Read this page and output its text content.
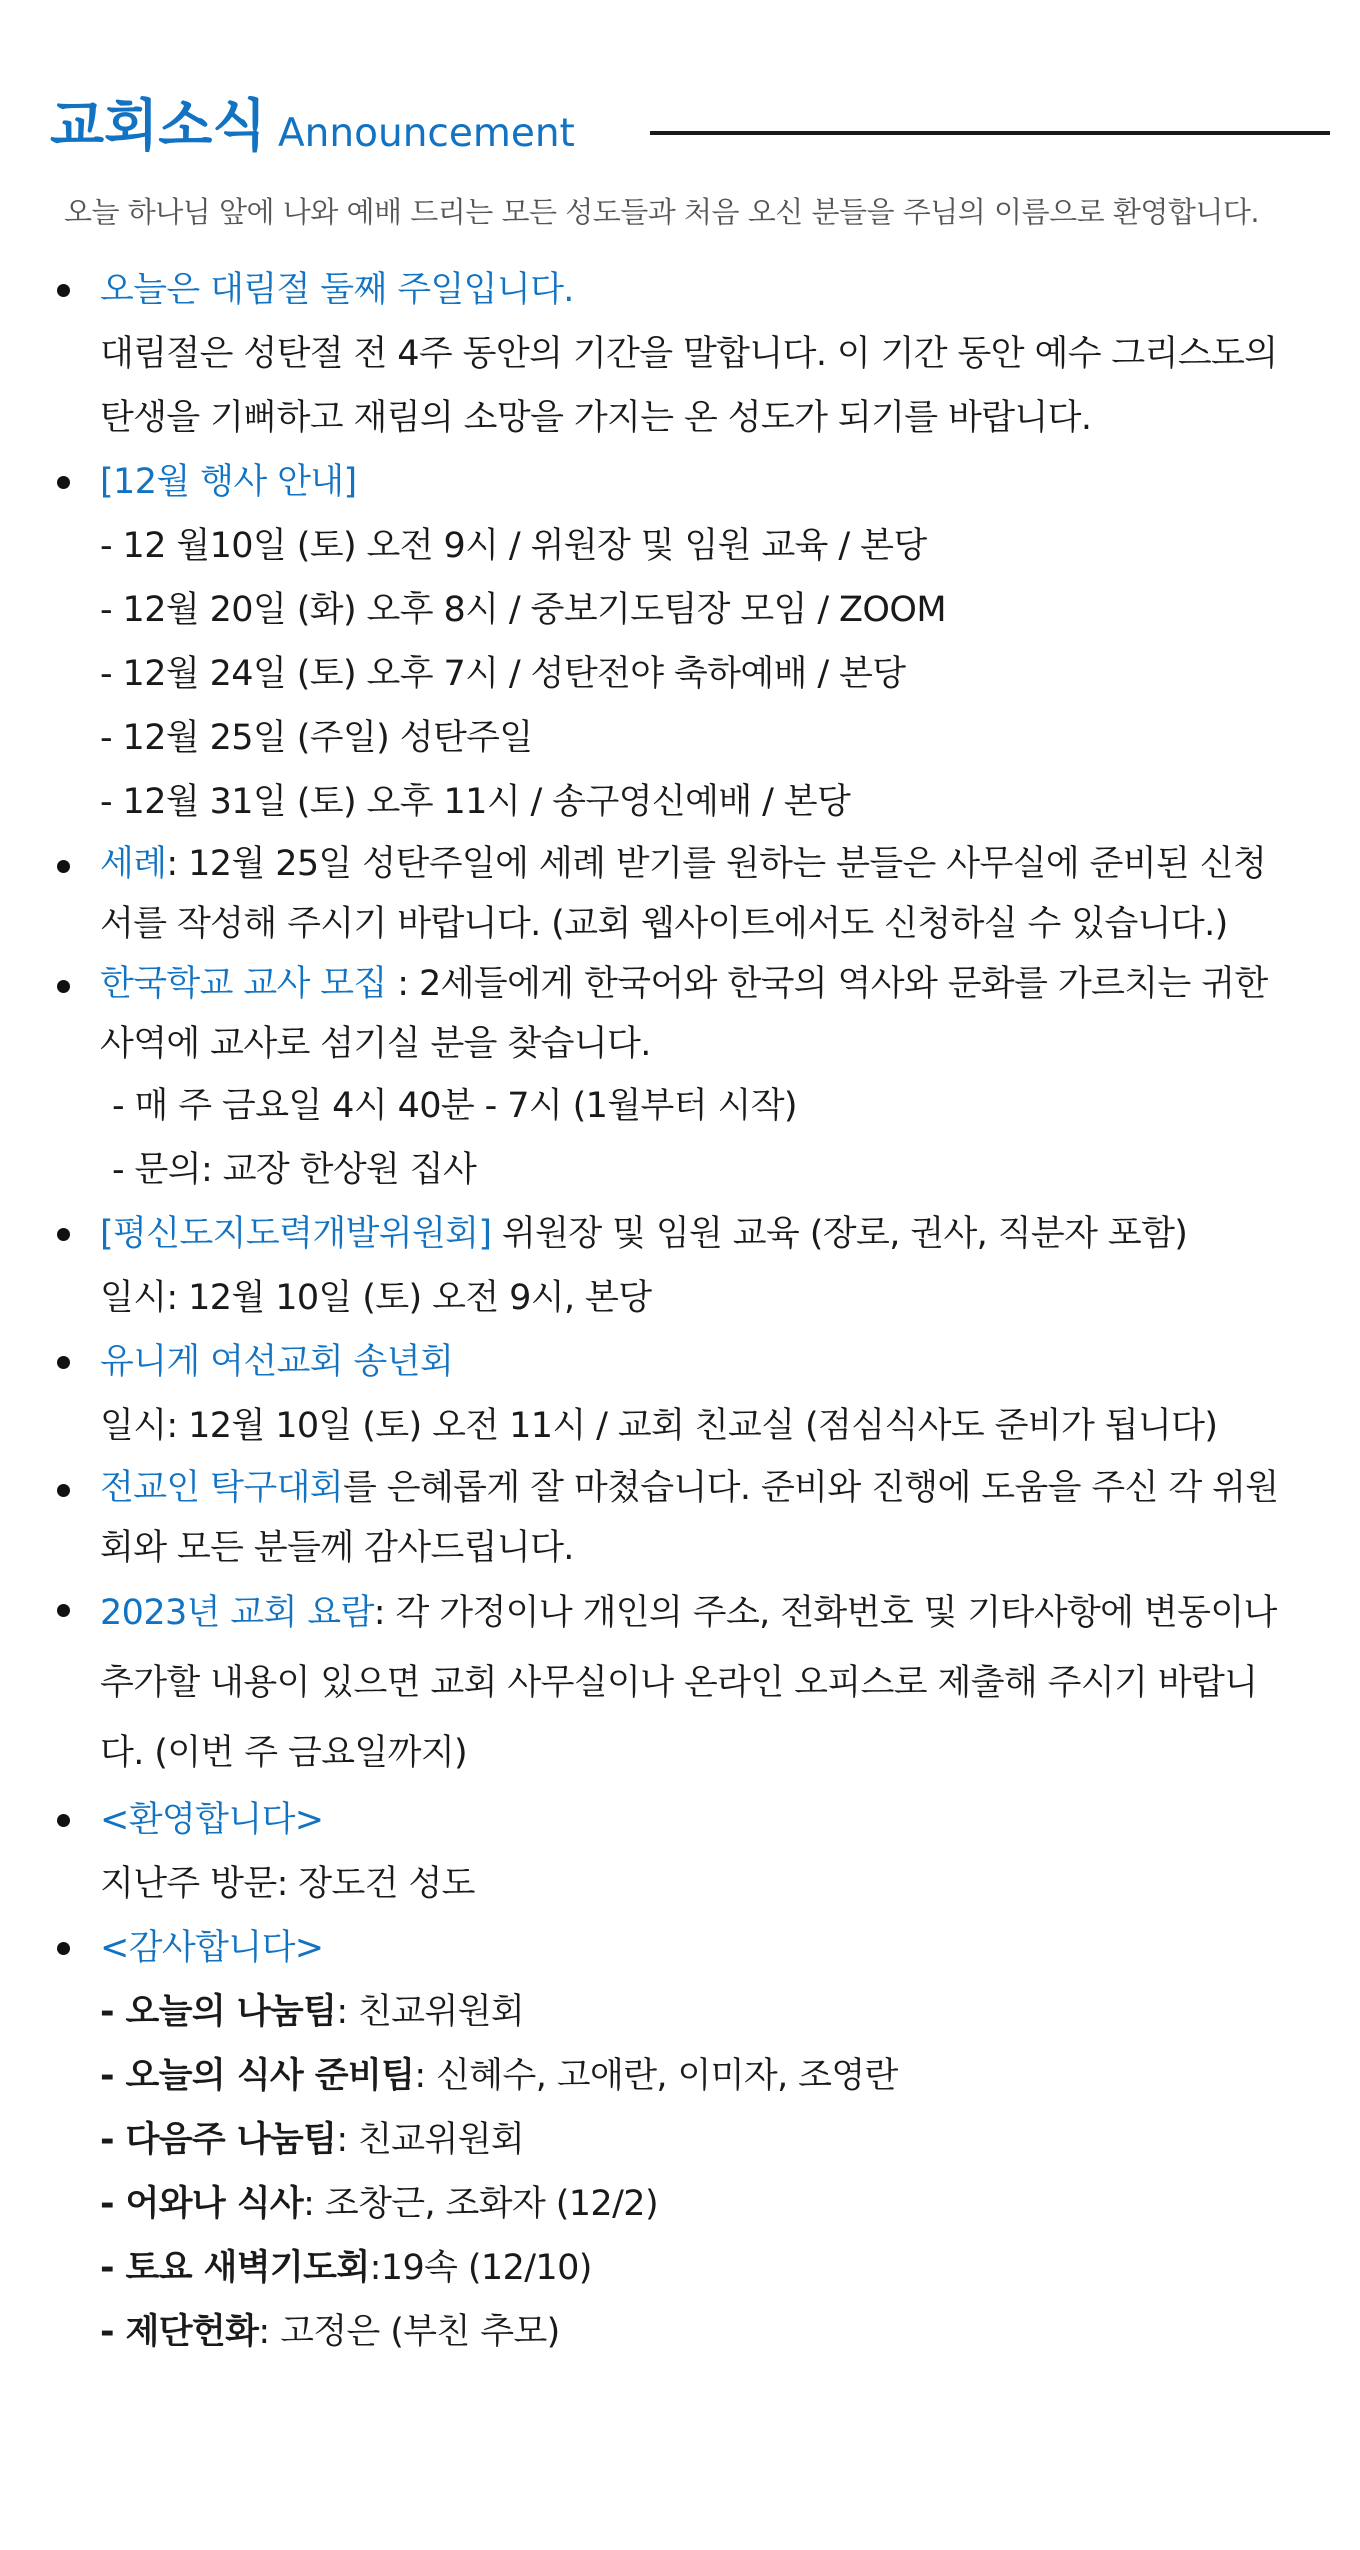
교회소식 Announcement
오늘 하나님 앞에 나와 예배 드리는 모든 성도들과 처음 오신 분들을 주님의 이름으로 환영합니다.
오늘은 대림절 둘째 주일입니다.
대림절은 성탄절 전 4주 동안의 기간을 말합니다. 이 기간 동안 예수 그리스도의
탄생을 기뻐하고 재림의 소망을 가지는 온 성도가 되기를 바랍니다.
[12월 행사 안내]
- 12 월10일 (토) 오전 9시 / 위원장 및 임원 교육 / 본당
- 12월 20일 (화) 오후 8시 / 중보기도팀장 모임 / ZOOM
- 12월 24일 (토) 오후 7시 / 성탄전야 축하예배 / 본당
- 12월 25일 (주일) 성탄주일
- 12월 31일 (토) 오후 11시 / 송구영신예배 / 본당
세례: 12월 25일 성탄주일에 세례 받기를 원하는 분들은 사무실에 준비된 신청
서를 작성해 주시기 바랍니다. (교회 웹사이트에서도 신청하실 수 있습니다.)
한국학교 교사 모집 : 2세들에게 한국어와 한국의 역사와 문화를 가르치는 귀한
사역에 교사로 섬기실 분을 찾습니다.
- 매 주 금요일 4시 40분 - 7시 (1월부터 시작)
- 문의: 교장 한상원 집사
[평신도지도력개발위원회] 위원장 및 임원 교육 (장로, 권사, 직분자 포함)
일시: 12월 10일 (토) 오전 9시, 본당
유니게 여선교회 송년회
일시: 12월 10일 (토) 오전 11시 / 교회 친교실 (점심식사도 준비가 됩니다)
전교인 탁구대회를 은혜롭게 잘 마쳤습니다. 준비와 진행에 도움을 주신 각 위원
회와 모든 분들께 감사드립니다.
2023년 교회 요람: 각 가정이나 개인의 주소, 전화번호 및 기타사항에 변동이나
추가할 내용이 있으면 교회 사무실이나 온라인 오피스로 제출해 주시기 바랍니
다. (이번 주 금요일까지)
<환영합니다>
지난주 방문: 장도건 성도
<감사합니다>
- 오늘의 나눔팀: 친교위원회
- 오늘의 식사 준비팀: 신혜수, 고애란, 이미자, 조영란
- 다음주 나눔팀: 친교위원회
- 어와나 식사: 조창근, 조화자 (12/2)
- 토요 새벽기도회:19속 (12/10)
- 제단헌화: 고정은 (부친 추모)
